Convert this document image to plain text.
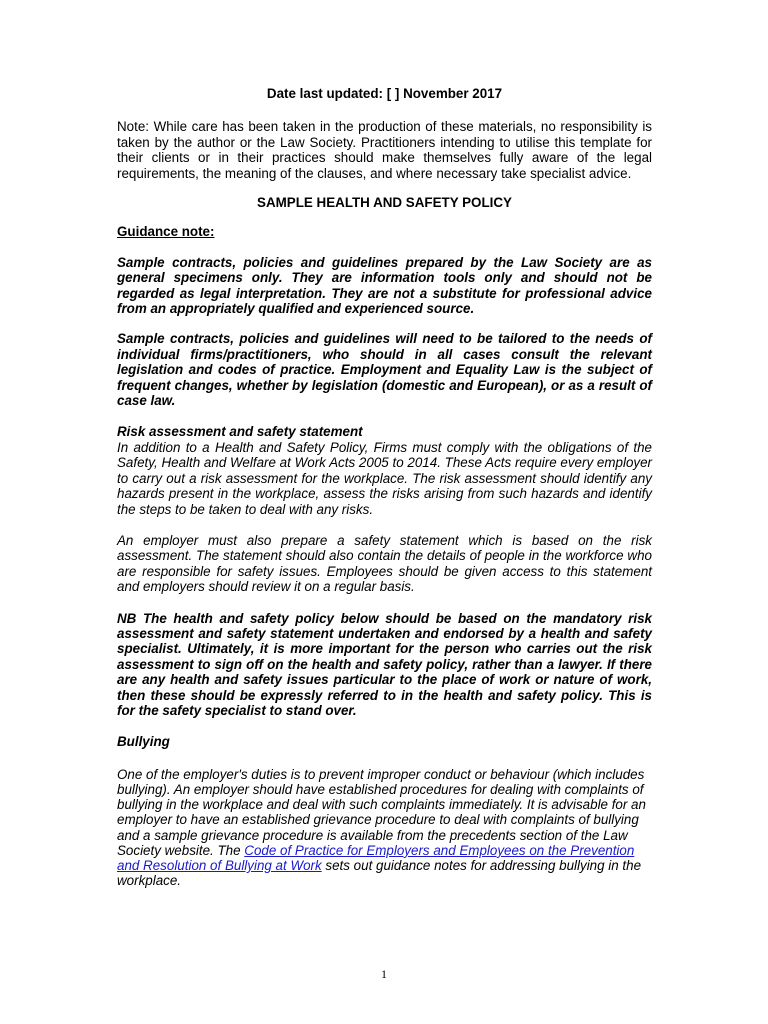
Date last updated: [ ] November 2017

Note: While care has been taken in the production of these materials, no responsibility is taken by the author or the Law Society. Practitioners intending to utilise this template for their clients or in their practices should make themselves fully aware of the legal requirements, the meaning of the clauses, and where necessary take specialist advice.

SAMPLE HEALTH AND SAFETY POLICY

Guidance note:

Sample contracts, policies and guidelines prepared by the Law Society are as general specimens only. They are information tools only and should not be regarded as legal interpretation. They are not a substitute for professional advice from an appropriately qualified and experienced source.

Sample contracts, policies and guidelines will need to be tailored to the needs of individual firms/practitioners, who should in all cases consult the relevant legislation and codes of practice. Employment and Equality Law is the subject of frequent changes, whether by legislation (domestic and European), or as a result of case law.

Risk assessment and safety statement

In addition to a Health and Safety Policy, Firms must comply with the obligations of the Safety, Health and Welfare at Work Acts 2005 to 2014. These Acts require every employer to carry out a risk assessment for the workplace. The risk assessment should identify any hazards present in the workplace, assess the risks arising from such hazards and identify the steps to be taken to deal with any risks.

An employer must also prepare a safety statement which is based on the risk assessment. The statement should also contain the details of people in the workforce who are responsible for safety issues. Employees should be given access to this statement and employers should review it on a regular basis.

NB The health and safety policy below should be based on the mandatory risk assessment and safety statement undertaken and endorsed by a health and safety specialist. Ultimately, it is more important for the person who carries out the risk assessment to sign off on the health and safety policy, rather than a lawyer. If there are any health and safety issues particular to the place of work or nature of work, then these should be expressly referred to in the health and safety policy. This is for the safety specialist to stand over.

Bullying

One of the employer's duties is to prevent improper conduct or behaviour (which includes bullying). An employer should have established procedures for dealing with complaints of bullying in the workplace and deal with such complaints immediately. It is advisable for an employer to have an established grievance procedure to deal with complaints of bullying and a sample grievance procedure is available from the precedents section of the Law Society website. The Code of Practice for Employers and Employees on the Prevention and Resolution of Bullying at Work sets out guidance notes for addressing bullying in the workplace.

1
